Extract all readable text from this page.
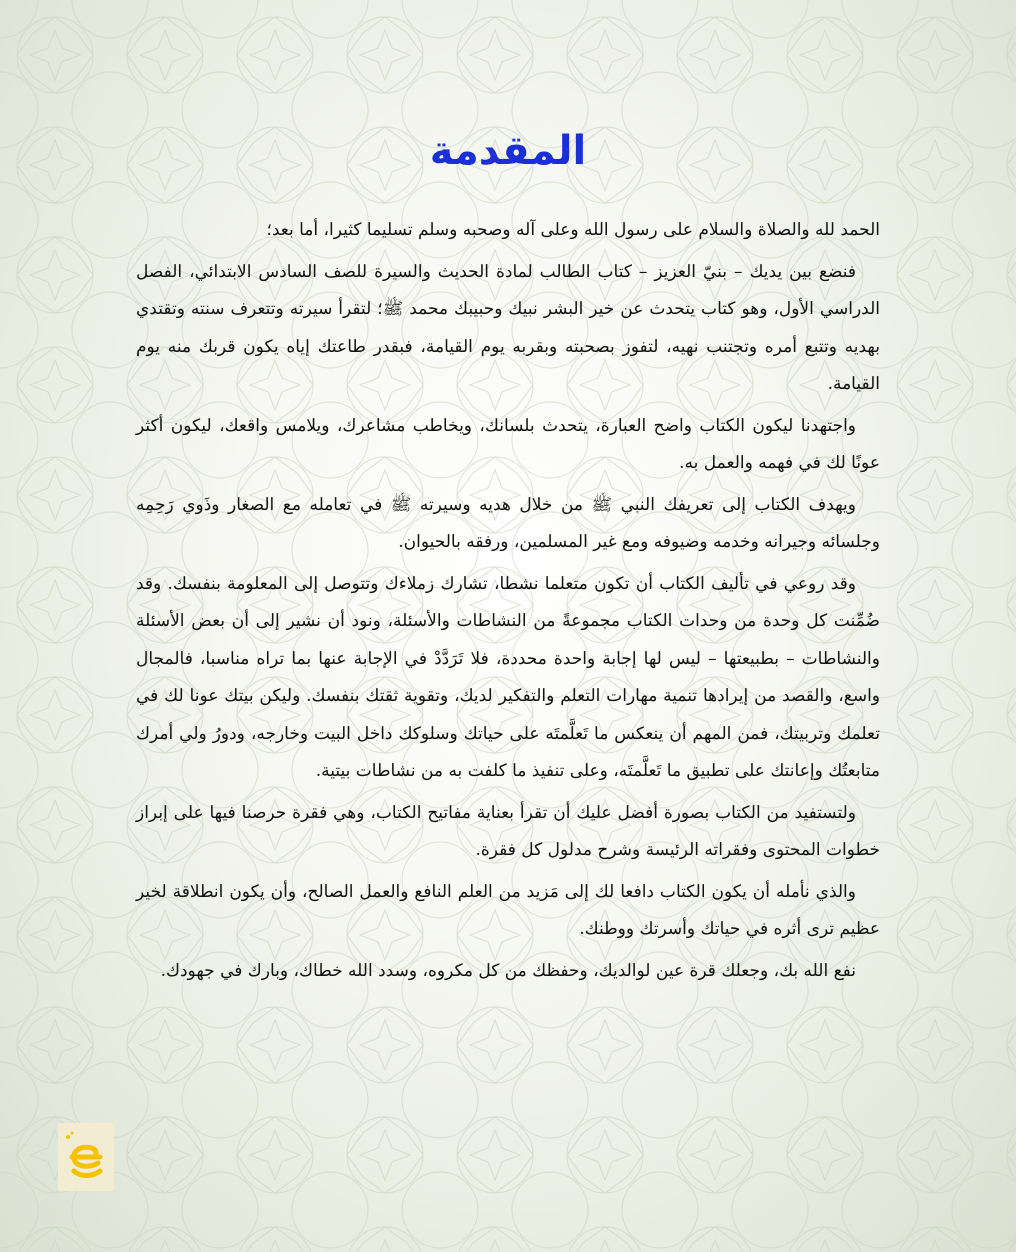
المقدمة

الحمد لله والصلاة والسلام على رسول الله وعلى آله وصحبه وسلم تسليما كثيرا، أما بعد؛

فنضع بين يديك – بنيّ العزيز – كتاب الطالب لمادة الحديث والسيرة للصف السادس الابتدائي، الفصل الدراسي الأول، وهو كتاب يتحدث عن خير البشر نبيك وحبيبك محمد ﷺ؛ لتقرأ سيرته وتتعرف سنته وتقتدي بهديه وتتبع أمره وتجتنب نهيه، لتفوز بصحبته وبقربه يوم القيامة، فبقدر طاعتك إياه يكون قربك منه يوم القيامة.

واجتهدنا ليكون الكتاب واضح العبارة، يتحدث بلسانك، ويخاطب مشاعرك، ويلامس واقعك، ليكون أكثر عونًا لك في فهمه والعمل به.

ويهدف الكتاب إلى تعريفك النبي ﷺ من خلال هديه وسيرته ﷺ في تعامله مع الصغار وذَوي رَحِمِه وجلسائه وجيرانه وخدمه وضيوفه ومع غير المسلمين، ورفقه بالحيوان.

وقد روعي في تأليف الكتاب أن تكون متعلما نشطا، تشارك زملاءك وتتوصل إلى المعلومة بنفسك. وقد ضُمِّنت كل وحدة من وحدات الكتاب مجموعةً من النشاطات والأسئلة، ونود أن نشير إلى أن بعض الأسئلة والنشاطات – بطبيعتها – ليس لها إجابة واحدة محددة، فلا تَرَدَّدْ في الإجابة عنها بما تراه مناسبا، فالمجال واسع، والقصد من إيرادها تنمية مهارات التعلم والتفكير لديك، وتقوية ثقتك بنفسك. وليكن بيتك عونا لك في تعلمك وتربيتك، فمن المهم أن ينعكس ما تَعلَّمتَه على حياتك وسلوكك داخل البيت وخارجه، ودورُ ولي أمرك متابعتُك وإعانتك على تطبيق ما تَعلَّمتَه، وعلى تنفيذ ما كلفت به من نشاطات بيتية.

ولتستفيد من الكتاب بصورة أفضل عليك أن تقرأ بعناية مفاتيح الكتاب، وهي فقرة حرصنا فيها على إبراز خطوات المحتوى وفقراته الرئيسة وشرح مدلول كل فقرة.

والذي نأمله أن يكون الكتاب دافعا لك إلى مَزيد من العلم النافع والعمل الصالح، وأن يكون انطلاقة لخير عظيم ترى أثره في حياتك وأسرتك ووطنك.

نفع الله بك، وجعلك قرة عين لوالديك، وحفظك من كل مكروه، وسدد الله خطاك، وبارك في جهودك.
